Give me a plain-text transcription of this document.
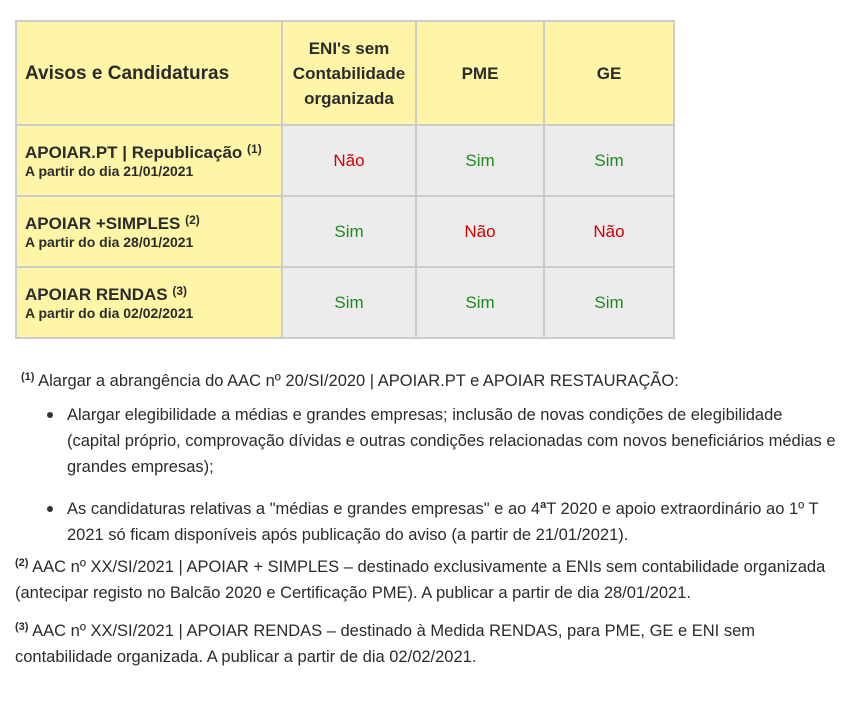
Avisos e Candidaturas	ENI's sem Contabilidade organizada	PME	GE

APOIAR.PT | Republicação $^{(1)}$
A partir do dia 21/01/2021	Não	Sim	Sim

APOIAR +SIMPLES $^{(2)}$
A partir do dia 28/01/2021	Sim	Não	Não

APOIAR RENDAS $^{(3)}$
A partir do dia 02/02/2021	Sim	Sim	Sim

$^{(1)}$ Alargar a abrangência do AAC nº 20/SI/2020 | APOIAR.PT e APOIAR RESTAURAÇÃO:

Alargar elegibilidade a médias e grandes empresas; inclusão de novas condições de elegibilidade (capital próprio, comprovação dívidas e outras condições relacionadas com novos beneficiários médias e grandes empresas);
As candidaturas relativas a "médias e grandes empresas" e ao 4$^a$T 2020 e apoio extraordinário ao 1º T 2021 só ficam disponíveis após publicação do aviso (a partir de 21/01/2021).

$^{(2)}$ AAC nº XX/SI/2021 | APOIAR + SIMPLES – destinado exclusivamente a ENIs sem contabilidade organizada (antecipar registo no Balcão 2020 e Certificação PME). A publicar a partir de dia 28/01/2021.

$^{(3)}$ AAC nº XX/SI/2021 | APOIAR RENDAS – destinado à Medida RENDAS, para PME, GE e ENI sem contabilidade organizada. A publicar a partir de dia 02/02/2021.
